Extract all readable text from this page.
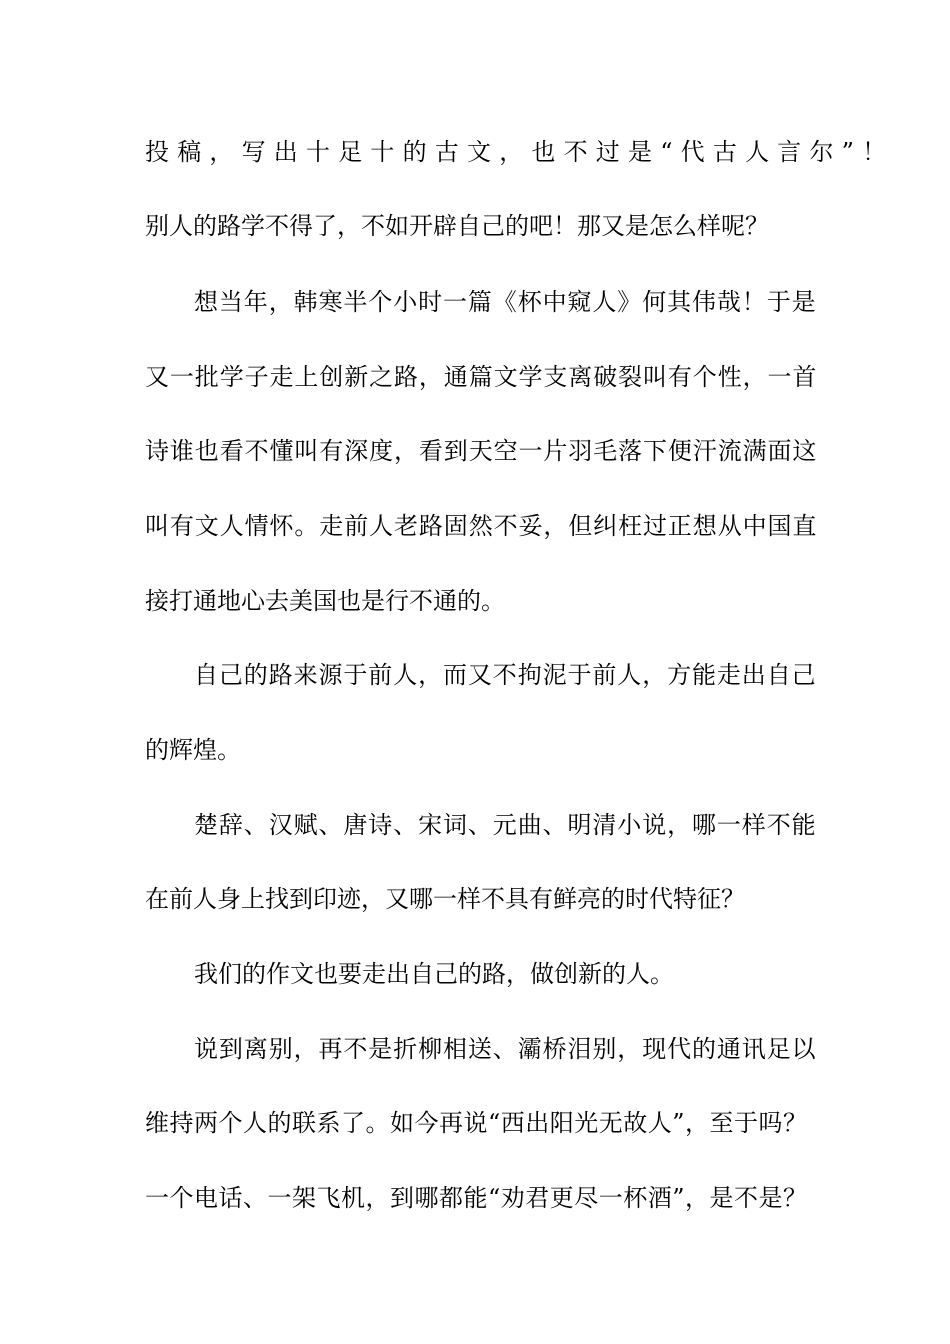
投稿，写出十足十的古文，也不过是“代古人言尔”！
别人的路学不得了，不如开辟自己的吧！那又是怎么样呢？
想当年，韩寒半个小时一篇《杯中窥人》何其伟哉！于是
又一批学子走上创新之路，通篇文学支离破裂叫有个性，一首
诗谁也看不懂叫有深度，看到天空一片羽毛落下便汗流满面这
叫有文人情怀。走前人老路固然不妥，但纠枉过正想从中国直
接打通地心去美国也是行不通的。
自己的路来源于前人，而又不拘泥于前人，方能走出自己
的辉煌。
楚辞、汉赋、唐诗、宋词、元曲、明清小说，哪一样不能
在前人身上找到印迹，又哪一样不具有鲜亮的时代特征？
我们的作文也要走出自己的路，做创新的人。
说到离别，再不是折柳相送、灞桥泪别，现代的通讯足以
维持两个人的联系了。如今再说“西出阳光无故人”，至于吗？
一个电话、一架飞机，到哪都能“劝君更尽一杯酒”，是不是？
